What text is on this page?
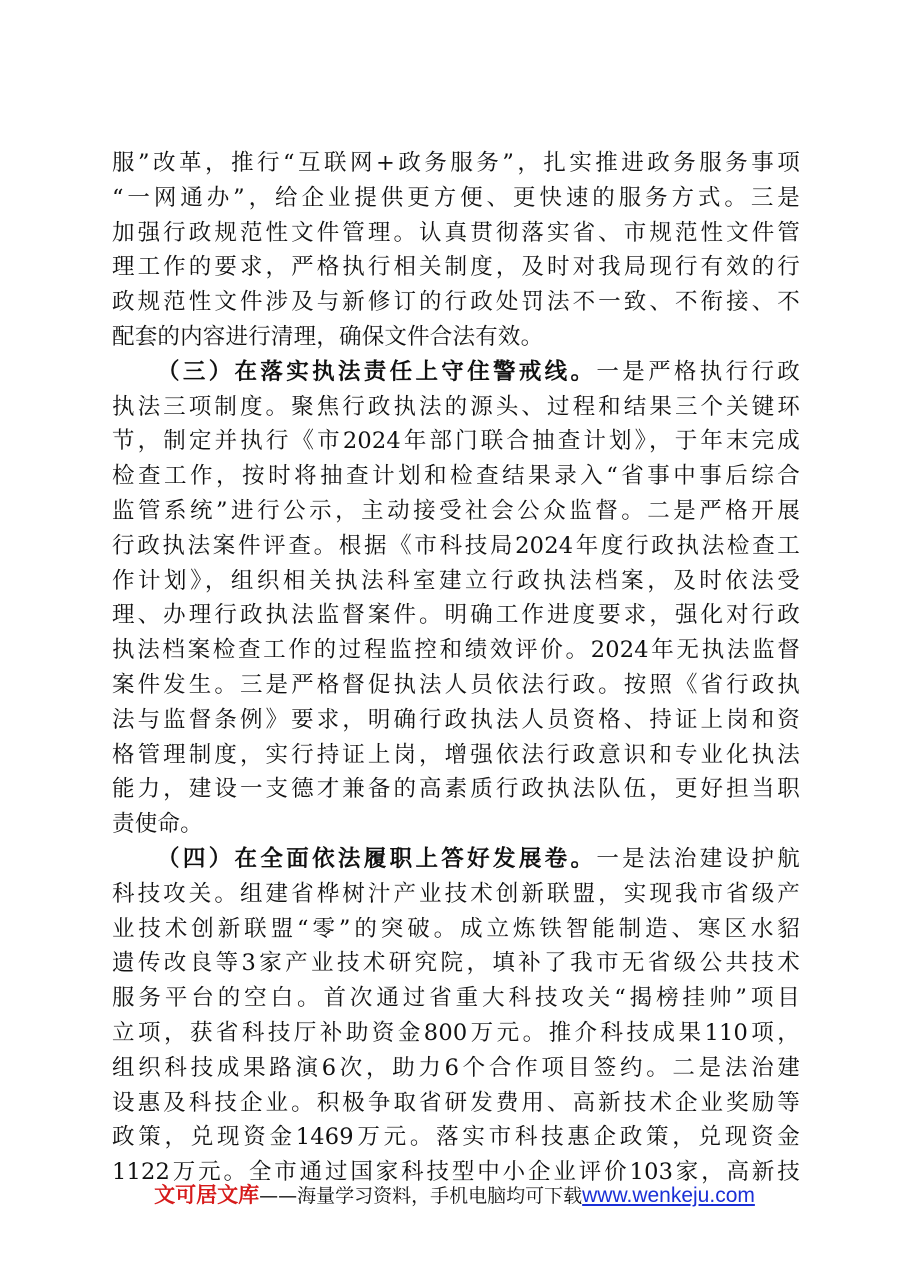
服”改革，推行“互联网+政务服务”，扎实推进政务服务事项
“一网通办”，给企业提供更方便、更快速的服务方式。三是
加强行政规范性文件管理。认真贯彻落实省、市规范性文件管
理工作的要求，严格执行相关制度，及时对我局现行有效的行
政规范性文件涉及与新修订的行政处罚法不一致、不衔接、不
配套的内容进行清理，确保文件合法有效。
（三）在落实执法责任上守住警戒线。一是严格执行行政
执法三项制度。聚焦行政执法的源头、过程和结果三个关键环
节，制定并执行《市2024年部门联合抽查计划》，于年末完成
检查工作，按时将抽查计划和检查结果录入“省事中事后综合
监管系统”进行公示，主动接受社会公众监督。二是严格开展
行政执法案件评查。根据《市科技局2024年度行政执法检查工
作计划》，组织相关执法科室建立行政执法档案，及时依法受
理、办理行政执法监督案件。明确工作进度要求，强化对行政
执法档案检查工作的过程监控和绩效评价。2024年无执法监督
案件发生。三是严格督促执法人员依法行政。按照《省行政执
法与监督条例》要求，明确行政执法人员资格、持证上岗和资
格管理制度，实行持证上岗，增强依法行政意识和专业化执法
能力，建设一支德才兼备的高素质行政执法队伍，更好担当职
责使命。
（四）在全面依法履职上答好发展卷。一是法治建设护航
科技攻关。组建省桦树汁产业技术创新联盟，实现我市省级产
业技术创新联盟“零”的突破。成立炼铁智能制造、寒区水貂
遗传改良等3家产业技术研究院，填补了我市无省级公共技术
服务平台的空白。首次通过省重大科技攻关“揭榜挂帅”项目
立项，获省科技厅补助资金800万元。推介科技成果110项，
组织科技成果路演6次，助力6个合作项目签约。二是法治建
设惠及科技企业。积极争取省研发费用、高新技术企业奖励等
政策，兑现资金1469万元。落实市科技惠企政策，兑现资金
1122万元。全市通过国家科技型中小企业评价103家，高新技
文可居文库——海量学习资料，手机电脑均可下载www.wenkeju.com
